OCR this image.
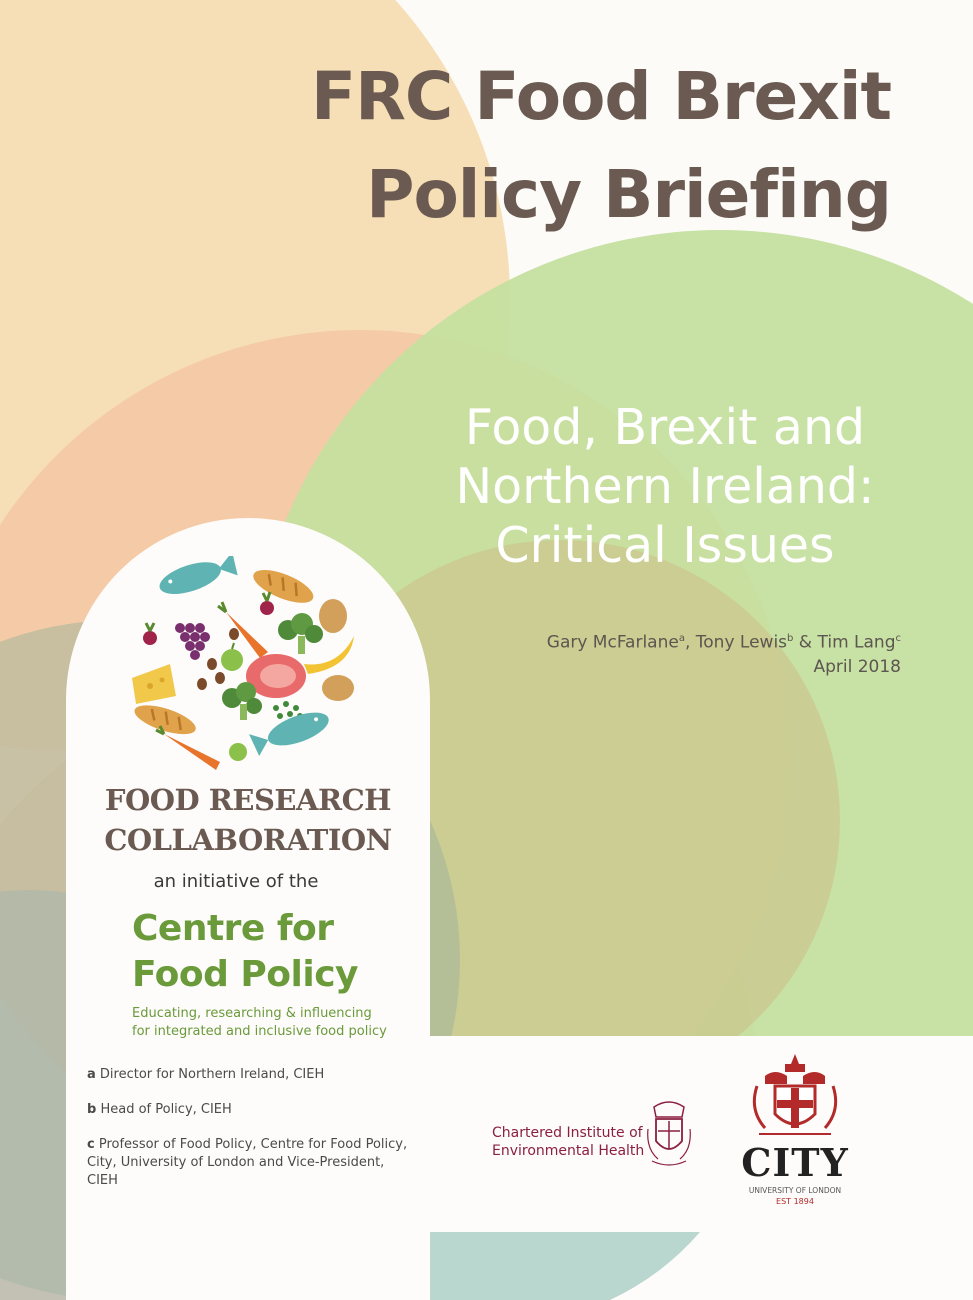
FRC Food Brexit
Policy Briefing
Food, Brexit and
Northern Ireland:
Critical Issues
Gary McFarlane$^a$, Tony Lewis$^b$ & Tim Lang$^c$
April 2018
FOOD RESEARCH
COLLABORATION
an initiative of the
Centre for
Food Policy
Educating, researching & influencing
for integrated and inclusive food policy
a Director for Northern Ireland, CIEH
b Head of Policy, CIEH
c Professor of Food Policy, Centre for Food Policy, City, University of London and Vice-President, CIEH
Chartered Institute of
Environmental Health	CITY
UNIVERSITY OF LONDON
EST 1894
